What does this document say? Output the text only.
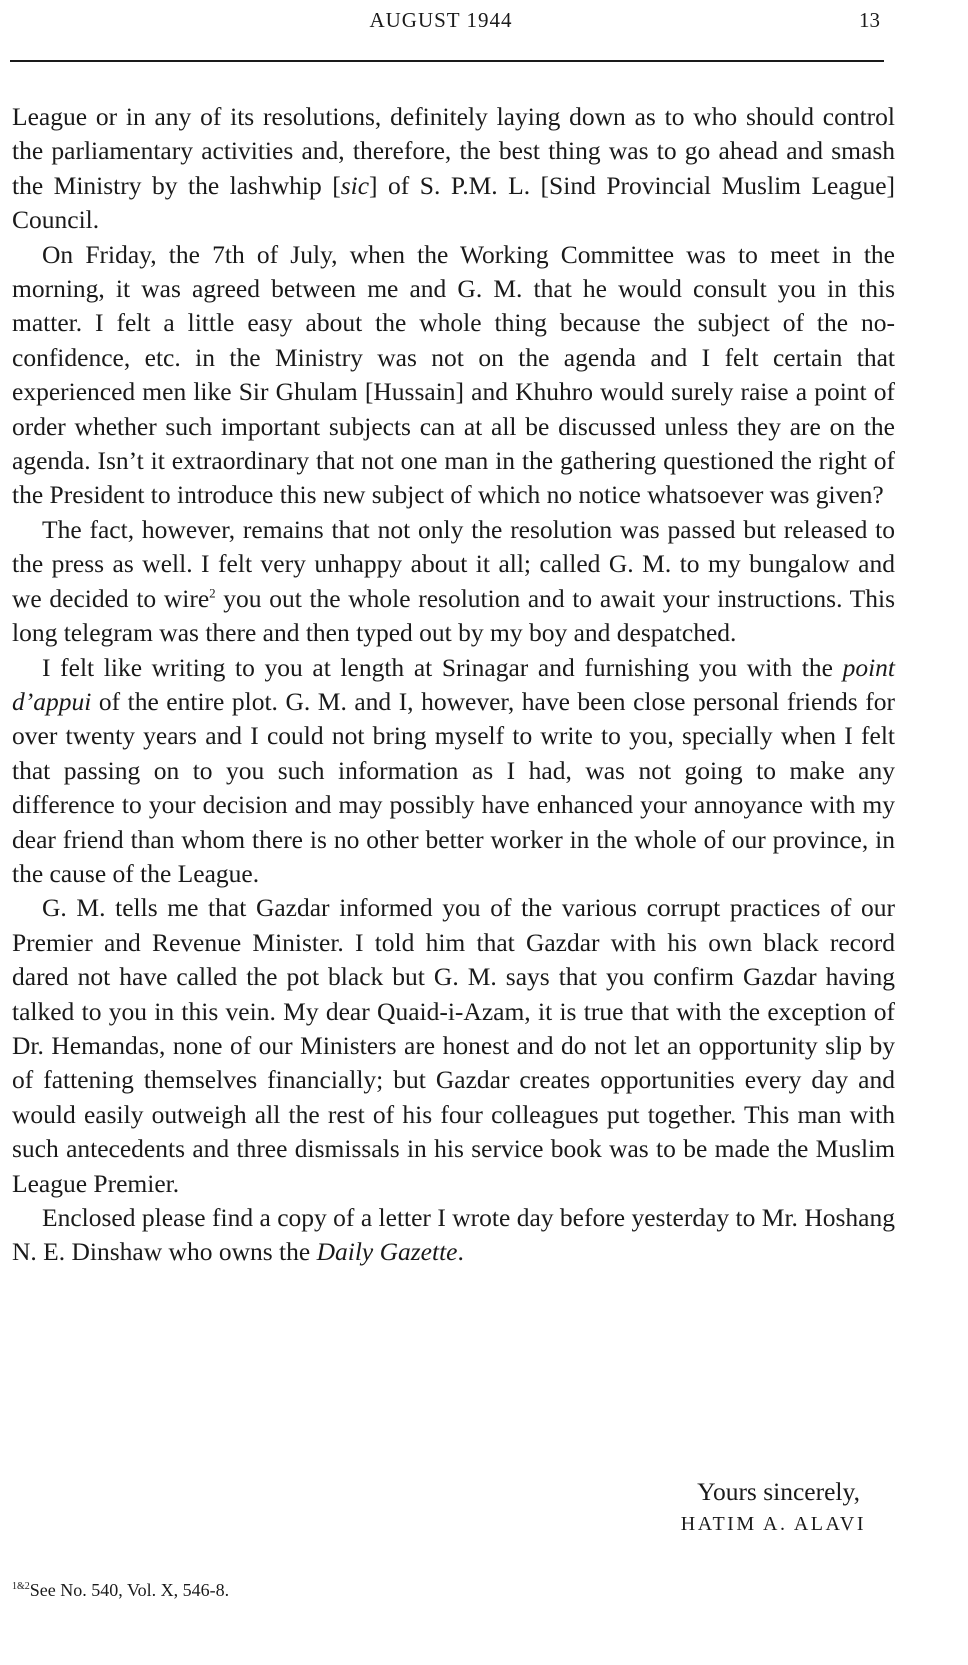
AUGUST 1944	13

League or in any of its resolutions, definitely laying down as to who should control the parliamentary activities and, therefore, the best thing was to go ahead and smash the Ministry by the lashwhip [sic] of S. P.M. L. [Sind Provincial Muslim League] Council.

On Friday, the 7th of July, when the Working Committee was to meet in the morning, it was agreed between me and G. M. that he would consult you in this matter. I felt a little easy about the whole thing because the subject of the no-confidence, etc. in the Ministry was not on the agenda and I felt certain that experienced men like Sir Ghulam [Hussain] and Khuhro would surely raise a point of order whether such important subjects can at all be discussed unless they are on the agenda. Isn’t it extraordinary that not one man in the gathering questioned the right of the President to introduce this new subject of which no notice whatsoever was given?

The fact, however, remains that not only the resolution was passed but released to the press as well. I felt very unhappy about it all; called G. M. to my bungalow and we decided to wire$^2$ you out the whole resolution and to await your instructions. This long telegram was there and then typed out by my boy and despatched.

I felt like writing to you at length at Srinagar and furnishing you with the point d’appui of the entire plot. G. M. and I, however, have been close personal friends for over twenty years and I could not bring myself to write to you, specially when I felt that passing on to you such information as I had, was not going to make any difference to your decision and may possibly have enhanced your annoyance with my dear friend than whom there is no other better worker in the whole of our province, in the cause of the League.

G. M. tells me that Gazdar informed you of the various corrupt practices of our Premier and Revenue Minister. I told him that Gazdar with his own black record dared not have called the pot black but G. M. says that you confirm Gazdar having talked to you in this vein. My dear Quaid-i-Azam, it is true that with the exception of Dr. Hemandas, none of our Ministers are honest and do not let an opportunity slip by of fattening themselves financially; but Gazdar creates opportunities every day and would easily outweigh all the rest of his four colleagues put together. This man with such antecedents and three dismissals in his service book was to be made the Muslim League Premier.

Enclosed please find a copy of a letter I wrote day before yesterday to Mr. Hoshang N. E. Dinshaw who owns the Daily Gazette.

Yours sincerely,
HATIM A. ALAVI
$^{1\&2}$See No. 540, Vol. X, 546-8.
